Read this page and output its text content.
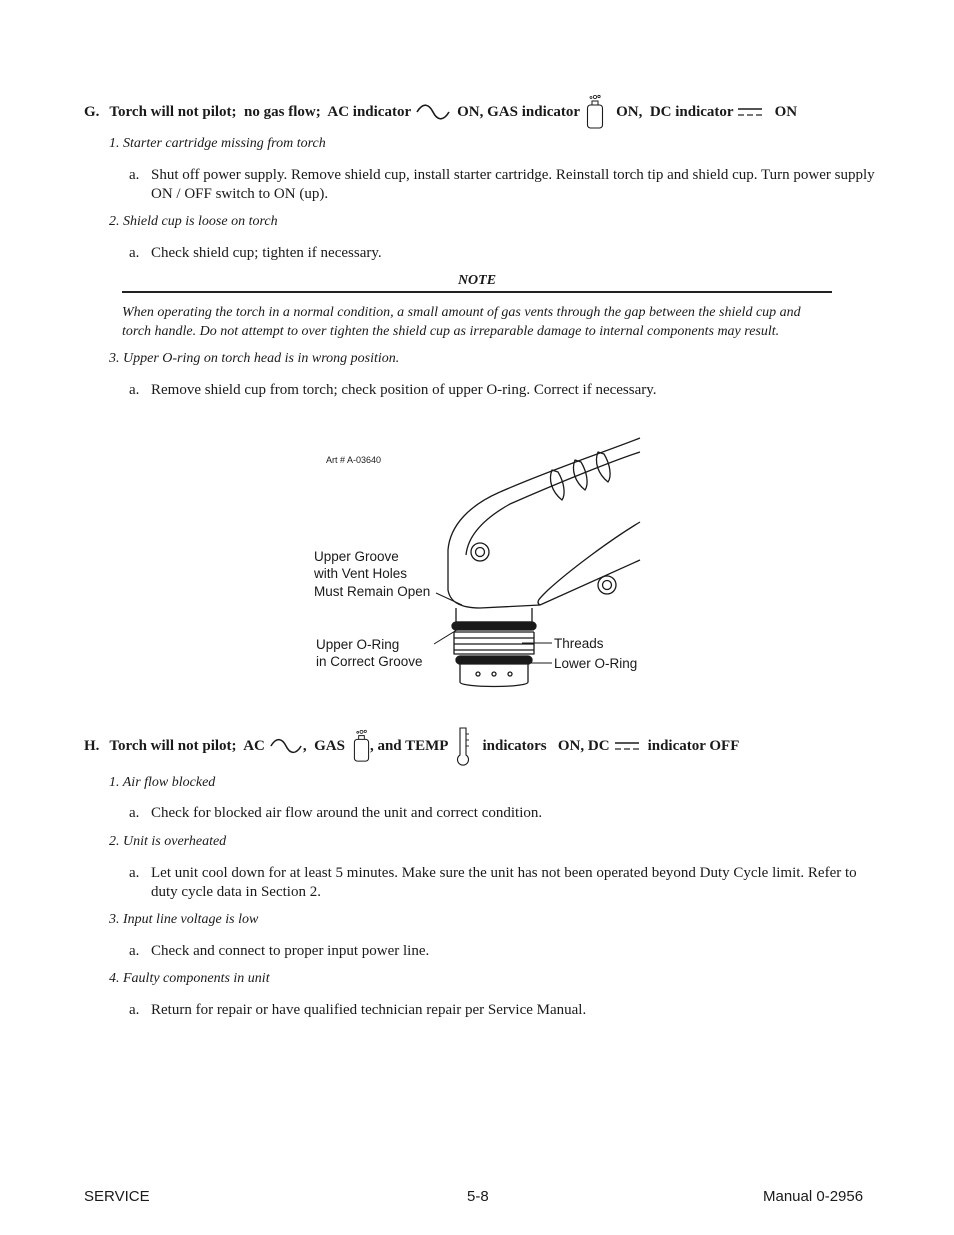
G. Torch will not pilot;  no gas flow;  AC indicator	ON, GAS indicator ON,  DC indicator	ON
1. Starter cartridge missing from torch
a. Shut off power supply. Remove shield cup, install starter cartridge. Reinstall torch tip and shield cup. Turn power supply ON / OFF switch to ON (up).
2. Shield cup is loose on torch
a. Check shield cup; tighten if necessary.
NOTE
When operating the torch in a normal condition, a small amount of gas vents through the gap between the shield cup and
torch handle. Do not attempt to over tighten the shield cup as irreparable damage to internal components may result.
3. Upper O-ring on torch head is in wrong position.
a. Remove shield cup from torch; check position of upper O-ring. Correct if necessary.
Art # A-03640
Upper Groove
with Vent Holes
Must Remain Open
Upper O-Ring
in Correct Groove
Threads
Lower O-Ring
H. Torch will not pilot;  AC	,  GAS , and TEMP indicators   ON, DC	indicator OFF
1. Air flow blocked
a. Check for blocked air flow around the unit and correct condition.
2. Unit is overheated
a. Let unit cool down for at least 5 minutes. Make sure the unit has not been operated beyond Duty Cycle limit. Refer to duty cycle data in Section 2.
3. Input line voltage is low
a. Check and connect to proper input power line.
4. Faulty components in unit
a. Return for repair or have qualified technician repair per Service Manual.
SERVICE	5-8	Manual 0-2956
